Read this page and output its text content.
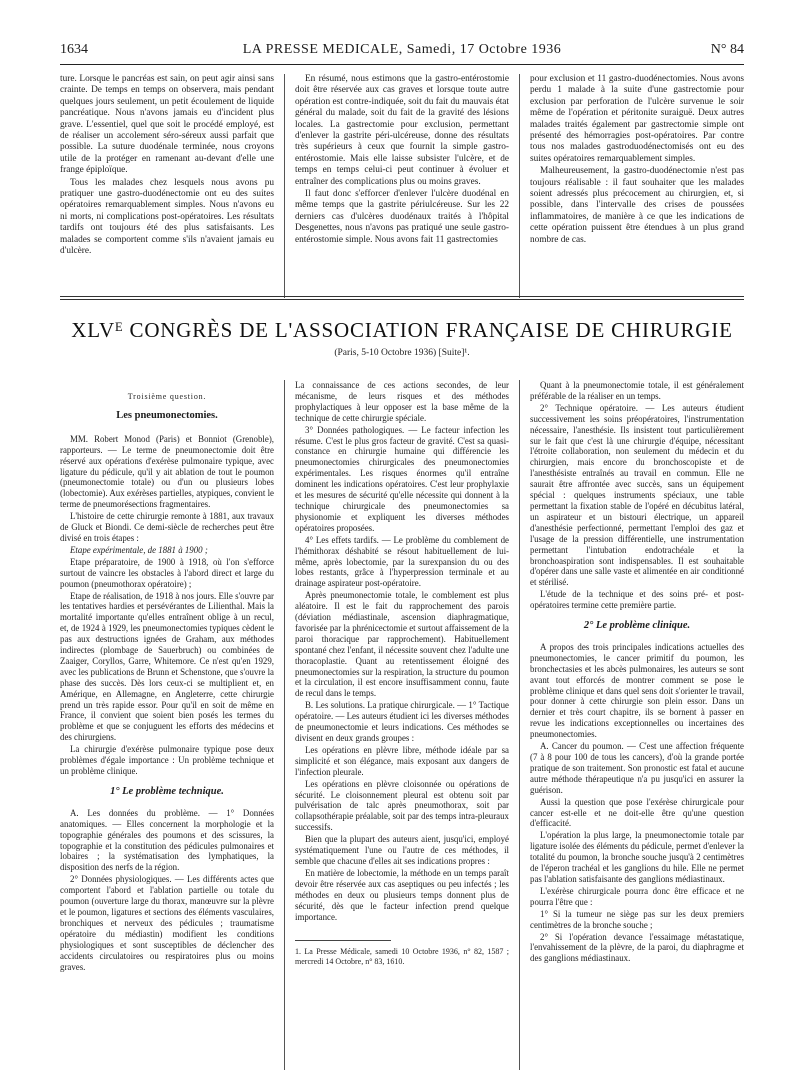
1634	LA PRESSE MEDICALE, Samedi, 17 Octobre 1936	N° 84

ture. Lorsque le pancréas est sain, on peut agir ainsi sans crainte. De temps en temps on observera, mais pendant quelques jours seulement, un petit écoulement de liquide pancréatique. Nous n'avons jamais eu d'incident plus grave. L'essentiel, quel que soit le procédé employé, est de réaliser un accolement séro-séreux aussi parfait que possible. La suture duodénale terminée, nous croyons utile de la protéger en ramenant au-devant d'elle une frange épiploïque.

Tous les malades chez lesquels nous avons pu pratiquer une gastro-duodénectomie ont eu des suites opératoires remarquablement simples. Nous n'avons eu ni morts, ni complications post-opératoires. Les résultats tardifs ont toujours été des plus satisfaisants. Les malades se comportent comme s'ils n'avaient jamais eu d'ulcère.

En résumé, nous estimons que la gastro-entérostomie doit être réservée aux cas graves et lorsque toute autre opération est contre-indiquée, soit du fait du mauvais état général du malade, soit du fait de la gravité des lésions locales. La gastrectomie pour exclusion, permettant d'enlever la gastrite péri-ulcéreuse, donne des résultats très supérieurs à ceux que fournit la simple gastro-entérostomie. Mais elle laisse subsister l'ulcère, et de temps en temps celui-ci peut continuer à évoluer et entraîner des complications plus ou moins graves.

Il faut donc s'efforcer d'enlever l'ulcère duodénal en même temps que la gastrite périulcéreuse. Sur les 22 derniers cas d'ulcères duodénaux traités à l'hôpital Desgenettes, nous n'avons pas pratiqué une seule gastro-entérostomie simple. Nous avons fait 11 gastrectomies

pour exclusion et 11 gastro-duodénectomies. Nous avons perdu 1 malade à la suite d'une gastrectomie pour exclusion par perforation de l'ulcère survenue le soir même de l'opération et péritonite suraiguë. Deux autres malades traités également par gastrectomie simple ont présenté des hémorragies post-opératoires. Par contre tous nos malades gastroduodénectomisés ont eu des suites opératoires remarquablement simples.

Malheureusement, la gastro-duodénectomie n'est pas toujours réalisable : il faut souhaiter que les malades soient adressés plus précocement au chirurgien, et, si possible, dans l'intervalle des crises de poussées inflammatoires, de manière à ce que les indications de cette opération puissent être étendues à un plus grand nombre de cas.

XLVᴱ CONGRÈS DE L'ASSOCIATION FRANÇAISE DE CHIRURGIE
(Paris, 5-10 Octobre 1936) [Suite]¹.
Troisième question.
Les pneumonectomies.

MM. Robert Monod (Paris) et Bonniot (Grenoble), rapporteurs. — Le terme de pneumonectomie doit être réservé aux opérations d'exérèse pulmonaire typique, avec ligature du pédicule, qu'il y ait ablation de tout le poumon (pneumonectomie totale) ou d'un ou plusieurs lobes (lobectomie). Aux exérèses partielles, atypiques, convient le terme de pneumorésections fragmentaires.

L'histoire de cette chirurgie remonte à 1881, aux travaux de Gluck et Biondi. Ce demi-siècle de recherches peut être divisé en trois étapes :

Etape expérimentale, de 1881 à 1900 ;

Etape préparatoire, de 1900 à 1918, où l'on s'efforce surtout de vaincre les obstacles à l'abord direct et large du poumon (pneumothorax opératoire) ;

Etape de réalisation, de 1918 à nos jours. Elle s'ouvre par les tentatives hardies et persévérantes de Lilienthal. Mais la mortalité importante qu'elles entraînent oblige à un recul, et, de 1924 à 1929, les pneumonectomies typiques cèdent le pas aux destructions ignées de Graham, aux méthodes indirectes (plombage de Sauerbruch) ou combinées de Zaaiger, Coryllos, Garre, Whitemore. Ce n'est qu'en 1929, avec les publications de Brunn et Schenstone, que s'ouvre la phase des succès. Dès lors ceux-ci se multiplient et, en Amérique, en Allemagne, en Angleterre, cette chirurgie prend un très rapide essor. Pour qu'il en soit de même en France, il convient que soient bien posés les termes du problème et que se conjuguent les efforts des médecins et des chirurgiens.

La chirurgie d'exérèse pulmonaire typique pose deux problèmes d'égale importance : Un problème technique et un problème clinique.

1° Le problème technique.

A. Les données du problème. — 1° Données anatomiques. — Elles concernent la morphologie et la topographie générales des poumons et des scissures, la topographie et la constitution des pédicules pulmonaires et lobaires ; la systématisation des lymphatiques, la disposition des nerfs de la région.

2° Données physiologiques. — Les différents actes que comportent l'abord et l'ablation partielle ou totale du poumon (ouverture large du thorax, manœuvre sur la plèvre et le poumon, ligatures et sections des éléments vasculaires, bronchiques et nerveux des pédicules ; traumatisme opératoire du médiastin) modifient les conditions physiologiques et sont susceptibles de déclencher des accidents circulatoires ou respiratoires plus ou moins graves.

La connaissance de ces actions secondes, de leur mécanisme, de leurs risques et des méthodes prophylactiques à leur opposer est la base même de la technique de cette chirurgie spéciale.

3° Données pathologiques. — Le facteur infection les résume. C'est le plus gros facteur de gravité. C'est sa quasi-constance en chirurgie humaine qui différencie les pneumonectomies chirurgicales des pneumonectomies expérimentales. Les risques énormes qu'il entraîne dominent les indications opératoires. C'est leur prophylaxie et les mesures de sécurité qu'elle nécessite qui donnent à la technique chirurgicale des pneumonectomies sa physionomie et expliquent les diverses méthodes opératoires proposées.

4° Les effets tardifs. — Le problème du comblement de l'hémithorax déshabité se résout habituellement de lui-même, après lobectomie, par la surexpansion du ou des lobes restants, grâce à l'hyperpression terminale et au drainage aspirateur post-opératoire.

Après pneumonectomie totale, le comblement est plus aléatoire. Il est le fait du rapprochement des parois (déviation médiastinale, ascension diaphragmatique, favorisée par la phrénicectomie et surtout affaissement de la paroi thoracique par rapprochement). Habituellement spontané chez l'enfant, il nécessite souvent chez l'adulte une thoracoplastie. Quant au retentissement éloigné des pneumonectomies sur la respiration, la structure du poumon et la circulation, il est encore insuffisamment connu, faute de recul dans le temps.

B. Les solutions. La pratique chirurgicale. — 1° Tactique opératoire. — Les auteurs étudient ici les diverses méthodes de pneumonectomie et leurs indications. Ces méthodes se divisent en deux grands groupes :

Les opérations en plèvre libre, méthode idéale par sa simplicité et son élégance, mais exposant aux dangers de l'infection pleurale.

Les opérations en plèvre cloisonnée ou opérations de sécurité. Le cloisonnement pleural est obtenu soit par pulvérisation de talc après pneumothorax, soit par collapsothérapie préalable, soit par des temps intra-pleuraux successifs.

Bien que la plupart des auteurs aient, jusqu'ici, employé systématiquement l'une ou l'autre de ces méthodes, il semble que chacune d'elles ait ses indications propres :

En matière de lobectomie, la méthode en un temps paraît devoir être réservée aux cas aseptiques ou peu infectés ; les méthodes en deux ou plusieurs temps donnent plus de sécurité, dès que le facteur infection prend quelque importance.

1. La Presse Médicale, samedi 10 Octobre 1936, n° 82, 1587 ; mercredi 14 Octobre, n° 83, 1610.

Quant à la pneumonectomie totale, il est généralement préférable de la réaliser en un temps.

2° Technique opératoire. — Les auteurs étudient successivement les soins préopératoires, l'instrumentation nécessaire, l'anesthésie. Ils insistent tout particulièrement sur le fait que c'est là une chirurgie d'équipe, nécessitant l'étroite collaboration, non seulement du médecin et du chirurgien, mais encore du bronchoscopiste et de l'anesthésiste entraînés au travail en commun. Elle ne saurait être affrontée avec succès, sans un équipement spécial : quelques instruments spéciaux, une table permettant la fixation stable de l'opéré en décubitus latéral, un aspirateur et un bistouri électrique, un appareil d'anesthésie perfectionné, permettant l'emploi des gaz et l'usage de la pression différentielle, une instrumentation permettant l'intubation endotrachéale et la bronchoaspiration sont indispensables. Il est souhaitable d'opérer dans une salle vaste et alimentée en air conditionné et stérilisé.

L'étude de la technique et des soins pré- et post-opératoires termine cette première partie.

2° Le problème clinique.

A propos des trois principales indications actuelles des pneumonectomies, le cancer primitif du poumon, les bronchectasies et les abcès pulmonaires, les auteurs se sont avant tout efforcés de montrer comment se pose le problème clinique et dans quel sens doit s'orienter le travail, pour donner à cette chirurgie son plein essor. Dans un dernier et très court chapitre, ils se bornent à passer en revue les indications exceptionnelles ou incertaines des pneumonectomies.

A. Cancer du poumon. — C'est une affection fréquente (7 à 8 pour 100 de tous les cancers), d'où la grande portée pratique de son traitement. Son pronostic est fatal et aucune autre méthode thérapeutique n'a pu jusqu'ici en assurer la guérison.

Aussi la question que pose l'exérèse chirurgicale pour cancer est-elle et ne doit-elle être qu'une question d'efficacité.

L'opération la plus large, la pneumonectomie totale par ligature isolée des éléments du pédicule, permet d'enlever la totalité du poumon, la bronche souche jusqu'à 2 centimètres de l'éperon trachéal et les ganglions du hile. Elle ne permet pas l'ablation satisfaisante des ganglions médiastinaux.

L'exérèse chirurgicale pourra donc être efficace et ne pourra l'être que :

1° Si la tumeur ne siège pas sur les deux premiers centimètres de la bronche souche ;

2° Si l'opération devance l'essaimage métastatique, l'envahissement de la plèvre, de la paroi, du diaphragme et des ganglions médiastinaux.
